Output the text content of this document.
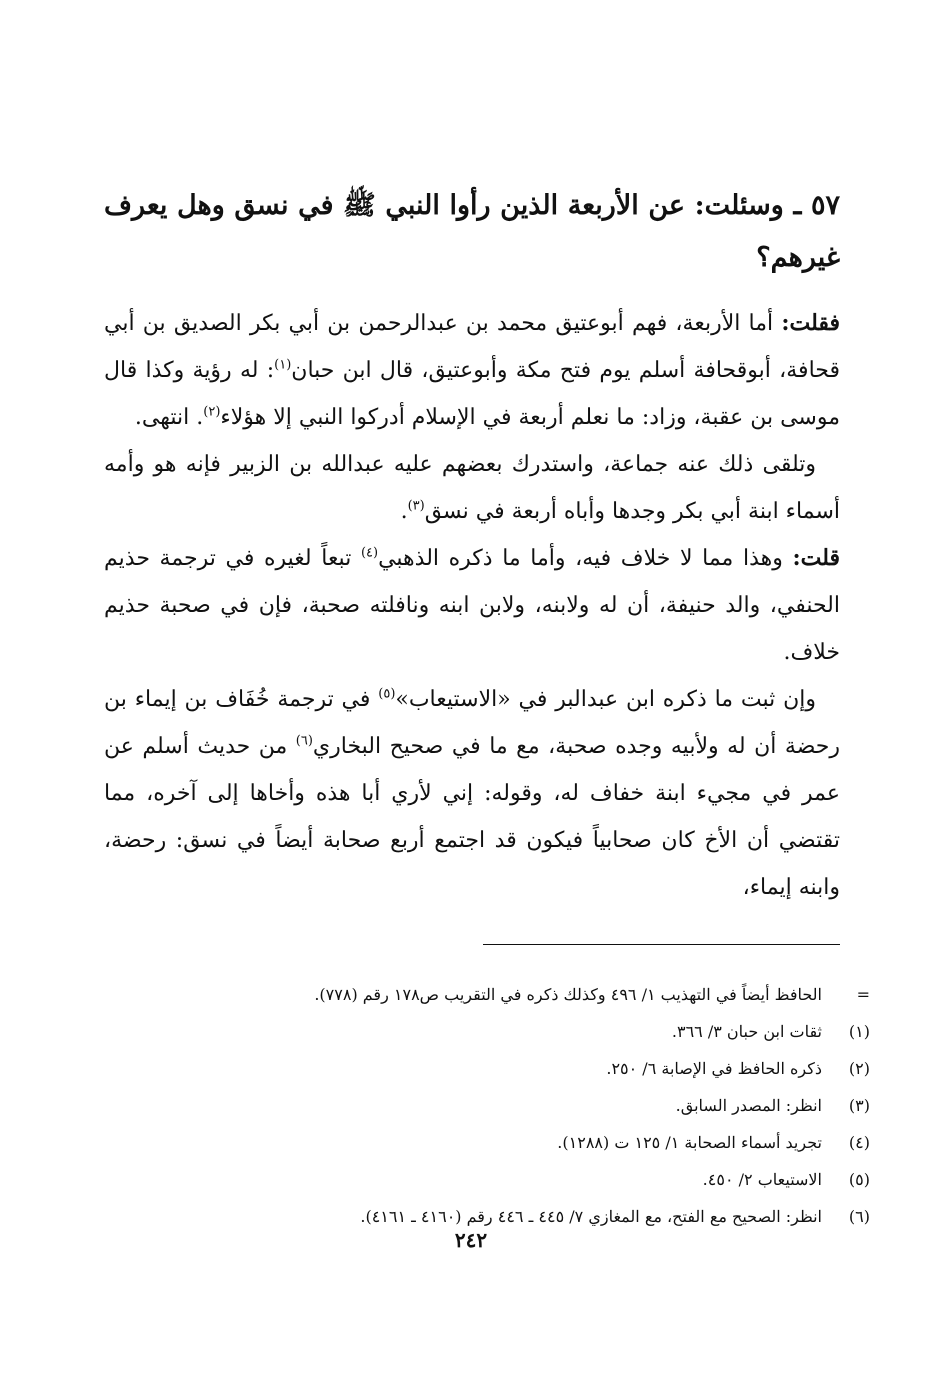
٥٧ ـ وسئلت: عن الأربعة الذين رأوا النبي ﷺ في نسق وهل يعرف غيرهم؟

فقلت: أما الأربعة، فهم أبوعتيق محمد بن عبدالرحمن بن أبي بكر الصديق بن أبي قحافة، أبوقحافة أسلم يوم فتح مكة وأبوعتيق، قال ابن حبان$^{(١)}$: له رؤية وكذا قال موسى بن عقبة، وزاد: ما نعلم أربعة في الإسلام أدركوا النبي إلا هؤلاء$^{(٢)}$. انتهى.

وتلقى ذلك عنه جماعة، واستدرك بعضهم عليه عبدالله بن الزبير فإنه هو وأمه أسماء ابنة أبي بكر وجدها وأباه أربعة في نسق$^{(٣)}$.

قلت: وهذا مما لا خلاف فيه، وأما ما ذكره الذهبي$^{(٤)}$ تبعاً لغيره في ترجمة حذيم الحنفي، والد حنيفة، أن له ولابنه، ولابن ابنه ونافلته صحبة، فإن في صحبة حذيم خلاف.

وإن ثبت ما ذكره ابن عبدالبر في «الاستيعاب»$^{(٥)}$ في ترجمة خُفَاف بن إيماء بن رحضة أن له ولأبيه وجده صحبة، مع ما في صحيح البخاري$^{(٦)}$ من حديث أسلم عن عمر في مجيء ابنة خفاف له، وقوله: إني لأري أبا هذه وأخاها إلى آخره، مما تقتضي أن الأخ كان صحابياً فيكون قد اجتمع أربع صحابة أيضاً في نسق: رحضة، وابنه إيماء،

=
الحافظ أيضاً في التهذيب ١/ ٤٩٦ وكذلك ذكره في التقريب ص١٧٨ رقم (٧٧٨).
(١)
ثقات ابن حبان ٣/ ٣٦٦.
(٢)
ذكره الحافظ في الإصابة ٦/ ٢٥٠.
(٣)
انظر: المصدر السابق.
(٤)
تجريد أسماء الصحابة ١/ ١٢٥ ت (١٢٨٨).
(٥)
الاستيعاب ٢/ ٤٥٠.
(٦)
انظر: الصحيح مع الفتح، مع المغازي ٧/ ٤٤٥ ـ ٤٤٦ رقم (٤١٦٠ ـ ٤١٦١).
٢٤٢
